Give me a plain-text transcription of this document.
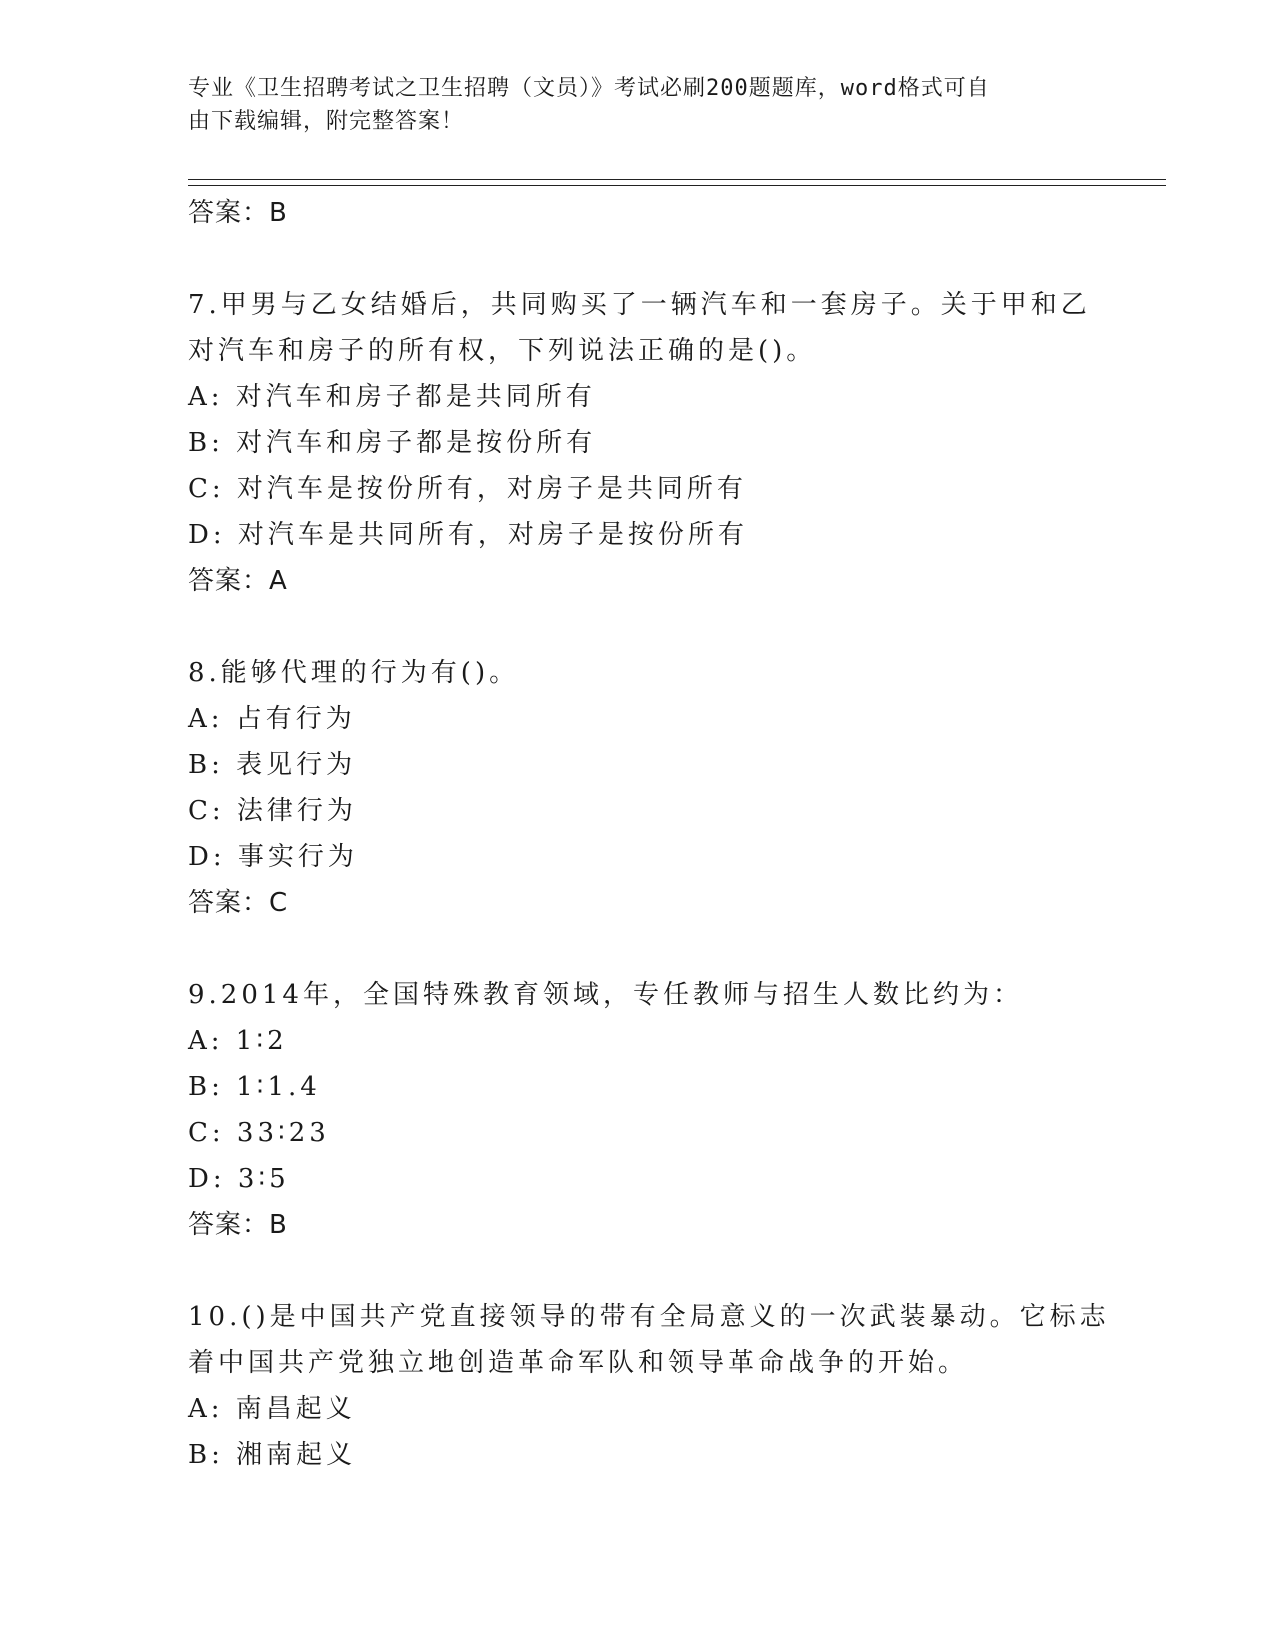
专业《卫生招聘考试之卫生招聘（文员）》考试必刷200题题库，word格式可自
由下载编辑，附完整答案！
答案：B
7.甲男与乙女结婚后，共同购买了一辆汽车和一套房子。关于甲和乙
对汽车和房子的所有权，下列说法正确的是()。
A: 对汽车和房子都是共同所有
B: 对汽车和房子都是按份所有
C: 对汽车是按份所有，对房子是共同所有
D: 对汽车是共同所有，对房子是按份所有
答案：A
8.能够代理的行为有()。
A: 占有行为
B: 表见行为
C: 法律行为
D: 事实行为
答案：C
9.2014年，全国特殊教育领域，专任教师与招生人数比约为：
A: 1∶2
B: 1∶1.4
C: 33∶23
D: 3∶5
答案：B
10.()是中国共产党直接领导的带有全局意义的一次武装暴动。它标志
着中国共产党独立地创造革命军队和领导革命战争的开始。
A: 南昌起义
B: 湘南起义
